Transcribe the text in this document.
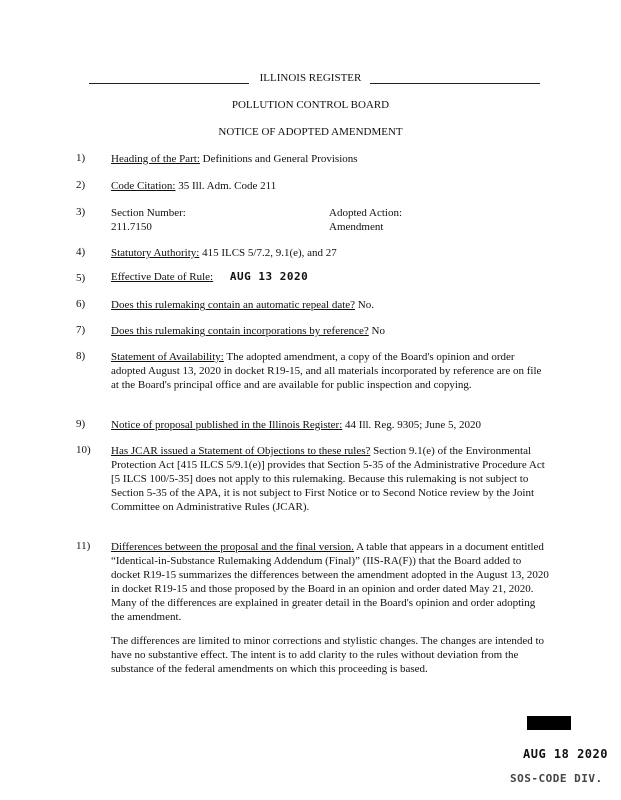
ILLINOIS REGISTER
POLLUTION CONTROL BOARD
NOTICE OF ADOPTED AMENDMENT
1) Heading of the Part: Definitions and General Provisions
2) Code Citation: 35 Ill. Adm. Code 211
3) Section Number:
211.7150
Adopted Action:
Amendment
4) Statutory Authority: 415 ILCS 5/7.2, 9.1(e), and 27
5) Effective Date of Rule: AUG 13 2020
6) Does this rulemaking contain an automatic repeal date? No.
7) Does this rulemaking contain incorporations by reference? No
8) Statement of Availability: The adopted amendment, a copy of the Board's opinion and order adopted August 13, 2020 in docket R19-15, and all materials incorporated by reference are on file at the Board's principal office and are available for public inspection and copying.
9) Notice of proposal published in the Illinois Register: 44 Ill. Reg. 9305; June 5, 2020
10) Has JCAR issued a Statement of Objections to these rules? Section 9.1(e) of the Environmental Protection Act [415 ILCS 5/9.1(e)] provides that Section 5-35 of the Administrative Procedure Act [5 ILCS 100/5-35] does not apply to this rulemaking. Because this rulemaking is not subject to Section 5-35 of the APA, it is not subject to First Notice or to Second Notice review by the Joint Committee on Administrative Rules (JCAR).
11) Differences between the proposal and the final version. A table that appears in a document entitled “Identical-in-Substance Rulemaking Addendum (Final)” (IIS-RA(F)) that the Board added to docket R19-15 summarizes the differences between the amendment adopted in the August 13, 2020 in docket R19-15 and those proposed by the Board in an opinion and order dated May 21, 2020. Many of the differences are explained in greater detail in the Board's opinion and order adopting the amendment.
The differences are limited to minor corrections and stylistic changes. The changes are intended to have no substantive effect. The intent is to add clarity to the rules without deviation from the substance of the federal amendments on which this proceeding is based.
AUG 18 2020
SOS-CODE DIV.
